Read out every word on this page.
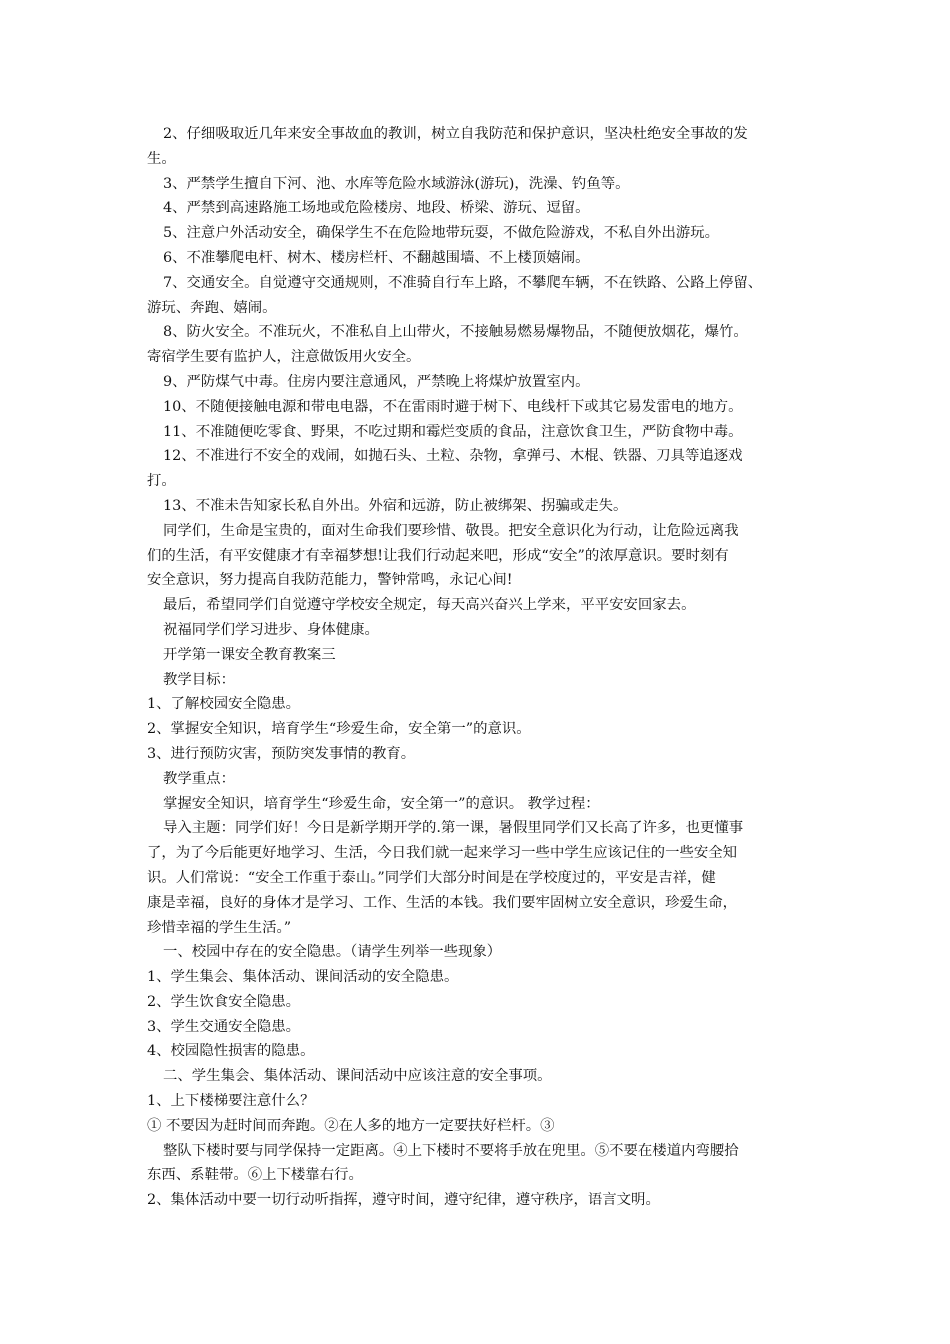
2、仔细吸取近几年来安全事故血的教训，树立自我防范和保护意识，坚决杜绝安全事故的发
生。
3、严禁学生擅自下河、池、水库等危险水域游泳(游玩)，洗澡、钓鱼等。
4、严禁到高速路施工场地或危险楼房、地段、桥梁、游玩、逗留。
5、注意户外活动安全，确保学生不在危险地带玩耍，不做危险游戏，不私自外出游玩。
6、不准攀爬电杆、树木、楼房栏杆、不翻越围墙、不上楼顶嬉闹。
7、交通安全。自觉遵守交通规则，不准骑自行车上路，不攀爬车辆，不在铁路、公路上停留、
游玩、奔跑、嬉闹。
8、防火安全。不准玩火，不准私自上山带火，不接触易燃易爆物品，不随便放烟花，爆竹。
寄宿学生要有监护人，注意做饭用火安全。
9、严防煤气中毒。住房内要注意通风，严禁晚上将煤炉放置室内。
10、不随便接触电源和带电电器，不在雷雨时避于树下、电线杆下或其它易发雷电的地方。
11、不准随便吃零食、野果，不吃过期和霉烂变质的食品，注意饮食卫生，严防食物中毒。
12、不准进行不安全的戏闹，如抛石头、土粒、杂物，拿弹弓、木棍、铁器、刀具等追逐戏
打。
13、不准未告知家长私自外出。外宿和远游，防止被绑架、拐骗或走失。
同学们，生命是宝贵的，面对生命我们要珍惜、敬畏。把安全意识化为行动，让危险远离我
们的生活，有平安健康才有幸福梦想!让我们行动起来吧，形成“安全”的浓厚意识。要时刻有
安全意识，努力提高自我防范能力，警钟常鸣，永记心间!
最后，希望同学们自觉遵守学校安全规定，每天高兴奋兴上学来，平平安安回家去。
祝福同学们学习进步、身体健康。
开学第一课安全教育教案三
教学目标：
1、了解校园安全隐患。
2、掌握安全知识，培育学生“珍爱生命，安全第一”的意识。
3、进行预防灾害，预防突发事情的教育。
教学重点：
掌握安全知识，培育学生“珍爱生命，安全第一”的意识。 教学过程：
导入主题：同学们好！今日是新学期开学的.第一课，暑假里同学们又长高了许多，也更懂事
了，为了今后能更好地学习、生活，今日我们就一起来学习一些中学生应该记住的一些安全知
识。人们常说：“安全工作重于泰山。”同学们大部分时间是在学校度过的，平安是吉祥，健
康是幸福，良好的身体才是学习、工作、生活的本钱。我们要牢固树立安全意识，珍爱生命，
珍惜幸福的学生生活。”
一、校园中存在的安全隐患。（请学生列举一些现象）
1、学生集会、集体活动、课间活动的安全隐患。
2、学生饮食安全隐患。
3、学生交通安全隐患。
4、校园隐性损害的隐患。
二、学生集会、集体活动、课间活动中应该注意的安全事项。
1、上下楼梯要注意什么？
① 不要因为赶时间而奔跑。②在人多的地方一定要扶好栏杆。③
整队下楼时要与同学保持一定距离。④上下楼时不要将手放在兜里。⑤不要在楼道内弯腰拾
东西、系鞋带。⑥上下楼靠右行。
2、集体活动中要一切行动听指挥，遵守时间，遵守纪律，遵守秩序，语言文明。
